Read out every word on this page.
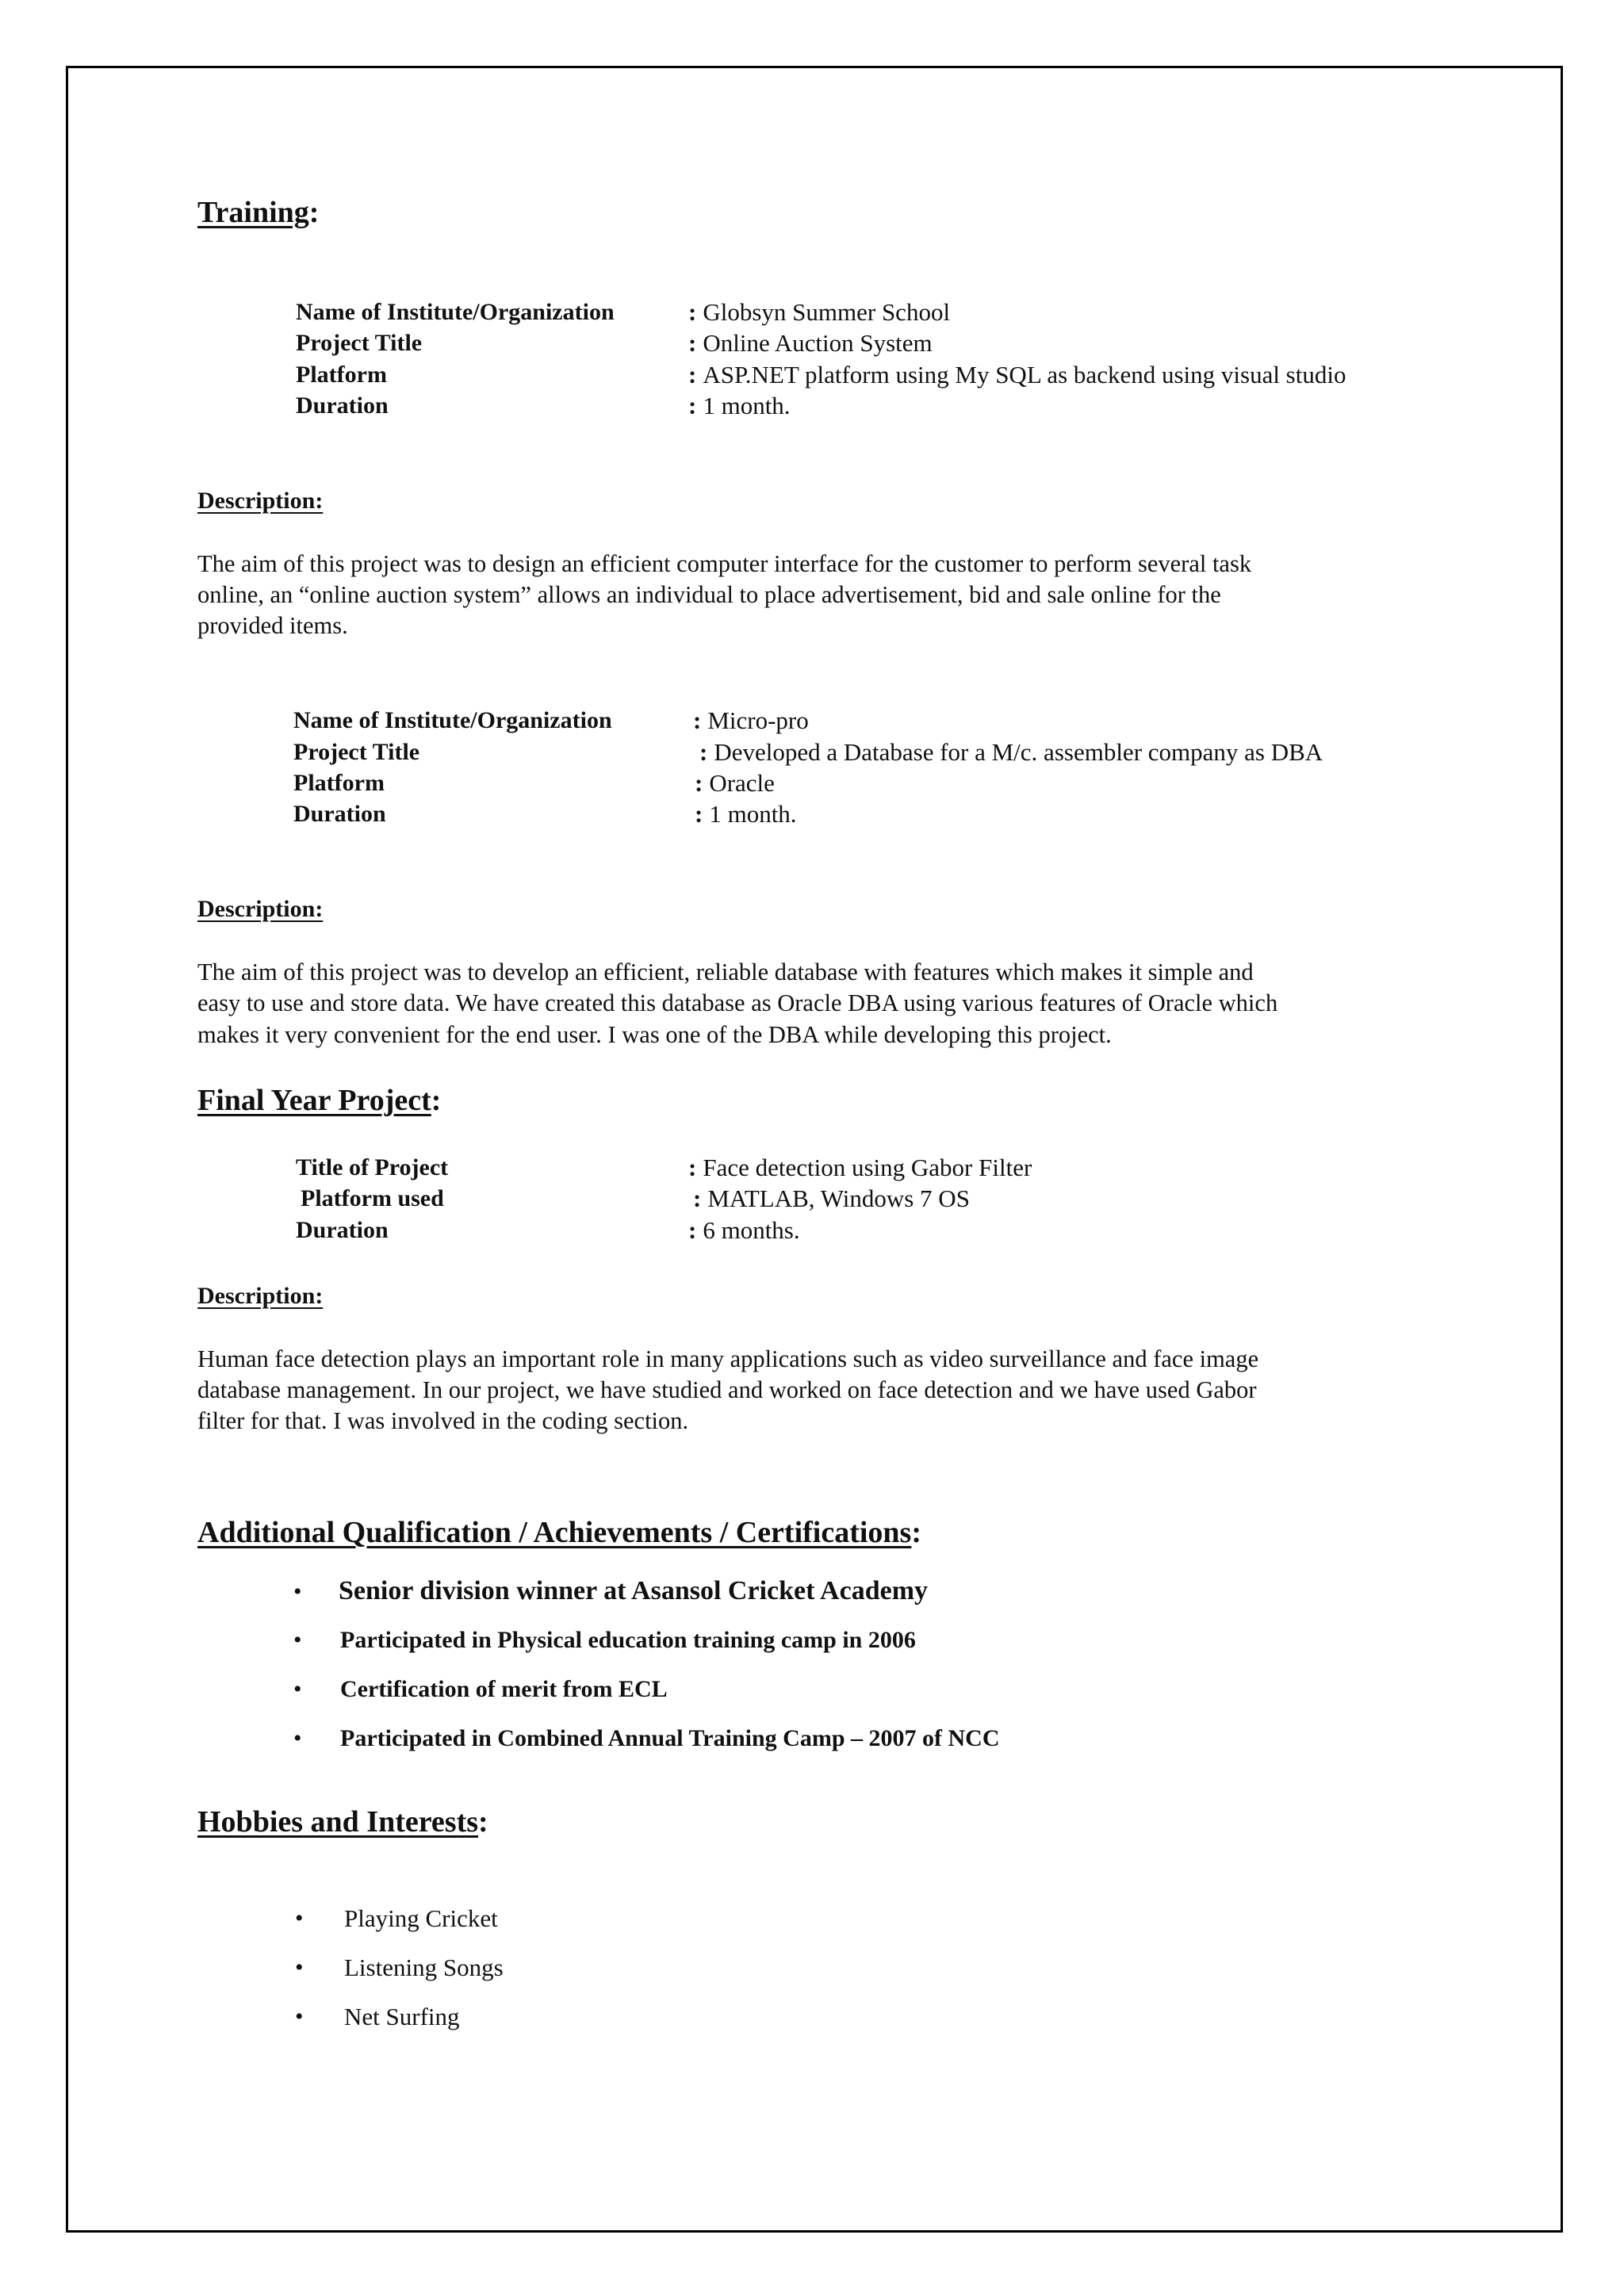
Training:
Name of Institute/Organization	: Globsyn Summer School
Project Title	: Online Auction System
Platform	: ASP.NET platform using My SQL as backend using visual studio
Duration	: 1 month.
Description:
The aim of this project was to design an efficient computer interface for the customer to perform several task
online, an “online auction system” allows an individual to place advertisement, bid and sale online for the
provided items.
Name of Institute/Organization	: Micro-pro
Project Title	: Developed a Database for a M/c. assembler company as DBA
Platform	: Oracle
Duration	: 1 month.
Description:
The aim of this project was to develop an efficient, reliable database with features which makes it simple and
easy to use and store data. We have created this database as Oracle DBA using various features of Oracle which
makes it very convenient for the end user. I was one of the DBA while developing this project.
Final Year Project:
Title of Project	: Face detection using Gabor Filter
Platform used	: MATLAB, Windows 7 OS
Duration	: 6 months.
Description:
Human face detection plays an important role in many applications such as video surveillance and face image
database management. In our project, we have studied and worked on face detection and we have used Gabor
filter for that. I was involved in the coding section.
Additional Qualification / Achievements / Certifications:
• Senior division winner at Asansol Cricket Academy
• Participated in Physical education training camp in 2006
• Certification of merit from ECL
• Participated in Combined Annual Training Camp – 2007 of NCC
Hobbies and Interests:
• Playing Cricket
• Listening Songs
• Net Surfing
